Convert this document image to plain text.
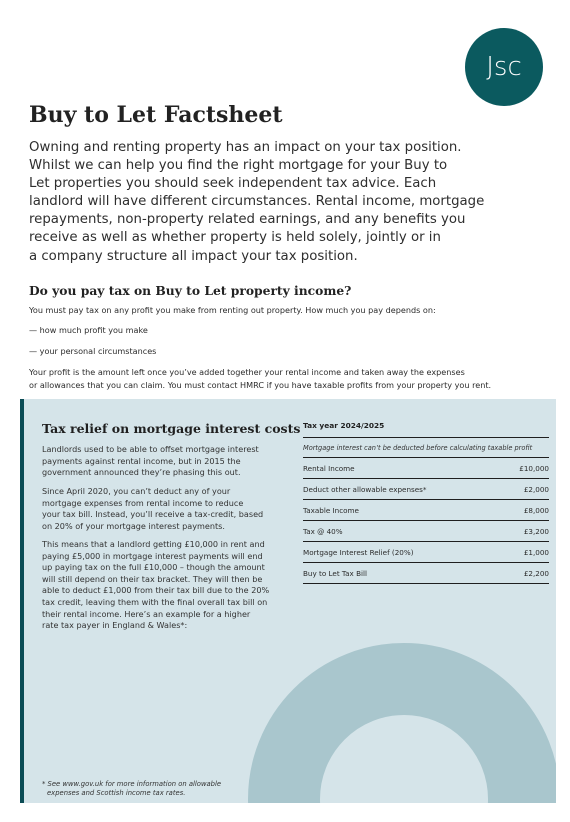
Jsc
Buy to Let Factsheet
Owning and renting property has an impact on your tax position.
Whilst we can help you find the right mortgage for your Buy to
Let properties you should seek independent tax advice. Each
landlord will have different circumstances. Rental income, mortgage
repayments, non-property related earnings, and any benefits you
receive as well as whether property is held solely, jointly or in
a company structure all impact your tax position.
Do you pay tax on Buy to Let property income?
You must pay tax on any profit you make from renting out property. How much you pay depends on:
— how much profit you make
— your personal circumstances
Your profit is the amount left once you’ve added together your rental income and taken away the expenses
or allowances that you can claim. You must contact HMRC if you have taxable profits from your property you rent.
Tax relief on mortgage interest costs
Landlords used to be able to offset mortgage interest
payments against rental income, but in 2015 the
government announced they’re phasing this out.
Since April 2020, you can’t deduct any of your
mortgage expenses from rental income to reduce
your tax bill. Instead, you’ll receive a tax-credit, based
on 20% of your mortgage interest payments.
This means that a landlord getting £10,000 in rent and
paying £5,000 in mortgage interest payments will end
up paying tax on the full £10,000 – though the amount
will still depend on their tax bracket. They will then be
able to deduct £1,000 from their tax bill due to the 20%
tax credit, leaving them with the final overall tax bill on
their rental income. Here’s an example for a higher
rate tax payer in England & Wales*:
* See www.gov.uk for more information on allowable
expenses and Scottish income tax rates.
Tax year 2024/2025
Mortgage interest can’t be deducted before calculating taxable profit
Rental Income	£10,000
Deduct other allowable expenses*	£2,000
Taxable Income	£8,000
Tax @ 40%	£3,200
Mortgage Interest Relief (20%)	£1,000
Buy to Let Tax Bill	£2,200
